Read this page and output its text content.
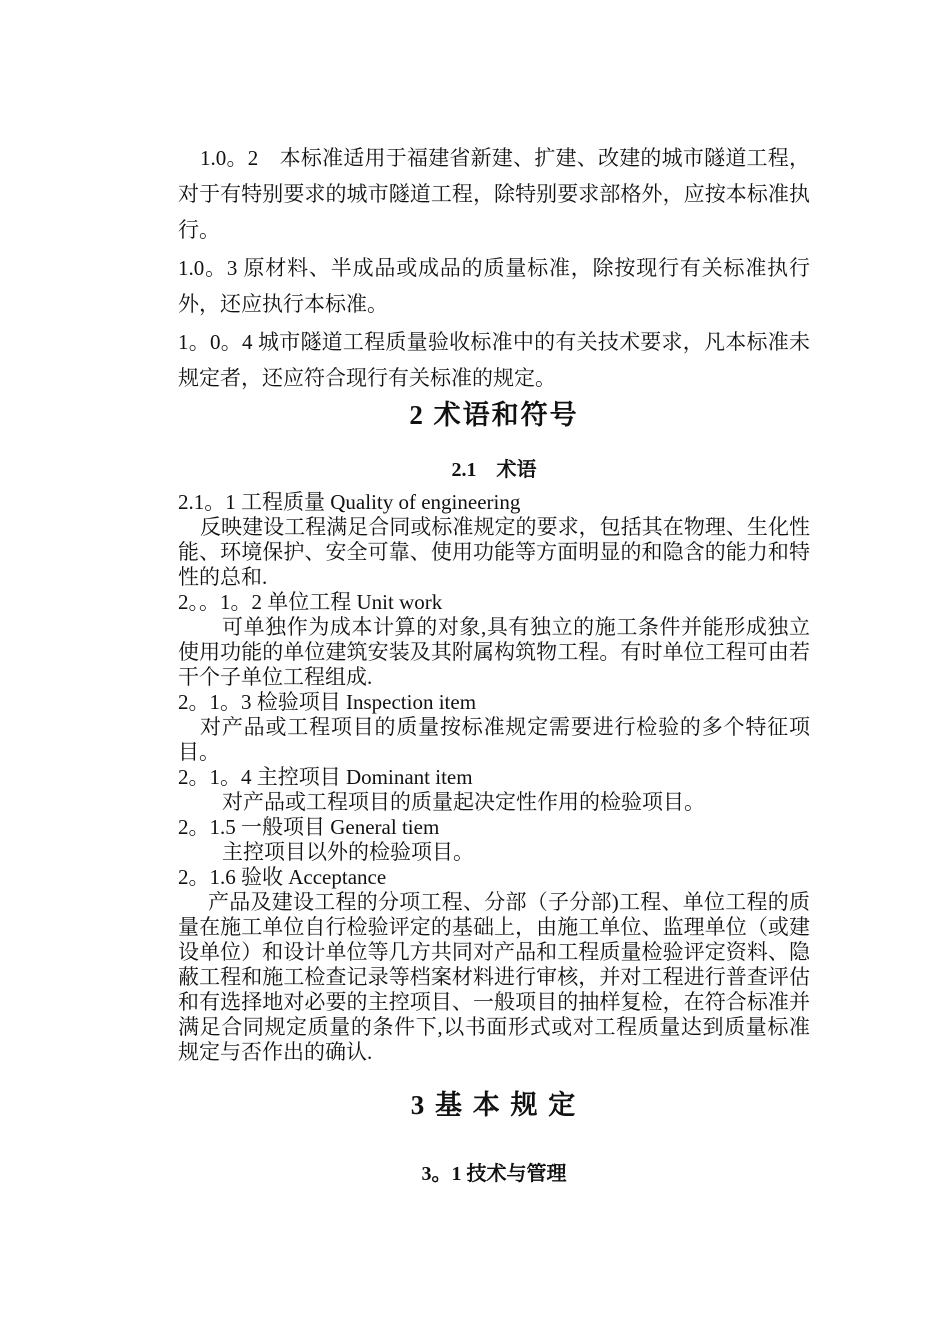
1.0。2　本标准适用于福建省新建、扩建、改建的城市隧道工程，对于有特别要求的城市隧道工程，除特别要求部格外，应按本标准执行。

1.0。3 原材料、半成品或成品的质量标准，除按现行有关标准执行外，还应执行本标准。

1。0。4 城市隧道工程质量验收标准中的有关技术要求，凡本标准未规定者，还应符合现行有关标准的规定。

2 术语和符号
2.1　术语

2.1。1 工程质量 Quality of engineering

反映建设工程满足合同或标准规定的要求，包括其在物理、生化性能、环境保护、安全可靠、使用功能等方面明显的和隐含的能力和特性的总和.

2。。1。2 单位工程 Unit work

可单独作为成本计算的对象,具有独立的施工条件并能形成独立使用功能的单位建筑安装及其附属构筑物工程。有时单位工程可由若干个子单位工程组成.

2。1。3 检验项目 Inspection item

对产品或工程项目的质量按标准规定需要进行检验的多个特征项目。

2。1。4 主控项目 Dominant item

对产品或工程项目的质量起决定性作用的检验项目。

2。1.5 一般项目 General tiem

主控项目以外的检验项目。

2。1.6 验收 Acceptance

产品及建设工程的分项工程、分部（子分部)工程、单位工程的质量在施工单位自行检验评定的基础上，由施工单位、监理单位（或建设单位）和设计单位等几方共同对产品和工程质量检验评定资料、隐蔽工程和施工检查记录等档案材料进行审核，并对工程进行普查评估和有选择地对必要的主控项目、一般项目的抽样复检，在符合标准并满足合同规定质量的条件下,以书面形式或对工程质量达到质量标准规定与否作出的确认.

3 基 本 规 定
3。1 技术与管理
